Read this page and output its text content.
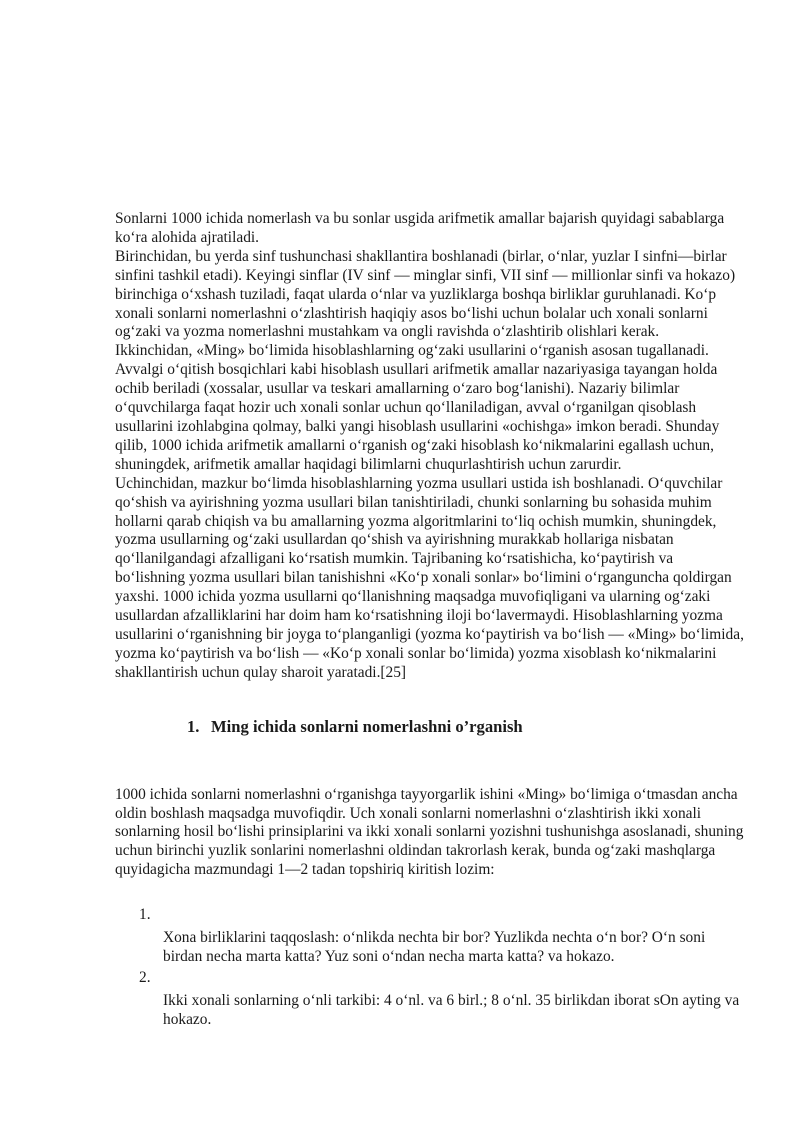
Sonlarni 1000 ichida nomerlash va bu sonlar usgida arifmetik amallar bajarish quyidagi sabablarga ko‘ra alohida ajratiladi.

Birinchidan, bu yerda sinf tushunchasi shakllantira boshlanadi (birlar, o‘nlar, yuzlar I sinfni—birlar sinfini tashkil etadi). Keyingi sinflar (IV sinf — minglar sinfi, VII sinf — millionlar sinfi va hokazo) birinchiga o‘xshash tuziladi, faqat ularda o‘nlar va yuzliklarga boshqa birliklar guruhlanadi. Ko‘p xonali sonlarni nomerlashni o‘zlashtirish haqiqiy asos bo‘lishi uchun bolalar uch xonali sonlarni og‘zaki va yozma nomerlashni mustahkam va ongli ravishda o‘zlashtirib olishlari kerak.

Ikkinchidan, «Ming» bo‘limida hisoblashlarning og‘zaki usullarini o‘rganish asosan tugallanadi. Avvalgi o‘qitish bosqichlari kabi hisoblash usullari arifmetik amallar nazariyasiga tayangan holda ochib beriladi (xossalar, usullar va teskari amallarning o‘zaro bog‘lanishi). Nazariy bilimlar o‘quvchilarga faqat hozir uch xonali sonlar uchun qo‘llaniladigan, avval o‘rganilgan qisoblash usullarini izohlabgina qolmay, balki yangi hisoblash usullarini «ochishga» imkon beradi. Shunday qilib, 1000 ichida arifmetik amallarni o‘rganish og‘zaki hisoblash ko‘nikmalarini egallash uchun, shuningdek, arifmetik amallar haqidagi bilimlarni chuqurlashtirish uchun zarurdir.

Uchinchidan, mazkur bo‘limda hisoblashlarning yozma usullari ustida ish boshlanadi. O‘quvchilar qo‘shish va ayirishning yozma usullari bilan tanishtiriladi, chunki sonlarning bu sohasida muhim hollarni qarab chiqish va bu amallarning yozma algoritmlarini to‘liq ochish mumkin, shuningdek, yozma usullarning og‘zaki usullardan qo‘shish va ayirishning murakkab hollariga nisbatan qo‘llanilgandagi afzalligani ko‘rsatish mumkin. Tajribaning ko‘rsatishicha, ko‘paytirish va bo‘lishning yozma usullari bilan tanishishni «Ko‘p xonali sonlar» bo‘limini o‘rganguncha qoldirgan yaxshi. 1000 ichida yozma usullarni qo‘llanishning maqsadga muvofiqligani va ularning og‘zaki usullardan afzalliklarini har doim ham ko‘rsatishning iloji bo‘lavermaydi. Hisoblashlarning yozma usullarini o‘rganishning bir joyga to‘planganligi (yozma ko‘paytirish va bo‘lish — «Ming» bo‘limida, yozma ko‘paytirish va bo‘lish — «Ko‘p xonali sonlar bo‘limida) yozma xisoblash ko‘nikmalarini shakllantirish uchun qulay sharoit yaratadi.[25]

1. Ming ichida sonlarni nomerlashni o’rganish

1000 ichida sonlarni nomerlashni o‘rganishga tayyorgarlik ishini «Ming» bo‘limiga o‘tmasdan ancha oldin boshlash maqsadga muvofiqdir. Uch xonali sonlarni nomerlashni o‘zlashtirish ikki xonali sonlarning hosil bo‘lishi prinsiplarini va ikki xonali sonlarni yozishni tushunishga asoslanadi, shuning uchun birinchi yuzlik sonlarini nomerlashni oldindan takrorlash kerak, bunda og‘zaki mashqlarga quyidagicha mazmundagi 1—2 tadan topshiriq kiritish lozim:

1.
Xona birliklarini taqqoslash: o‘nlikda nechta bir bor? Yuzlikda nechta o‘n bor? O‘n soni birdan necha marta katta? Yuz soni o‘ndan necha marta katta? va hokazo.
2.
Ikki xonali sonlarning o‘nli tarkibi: 4 o‘nl. va 6 birl.; 8 o‘nl. 35 birlikdan iborat sOn ayting va hokazo.
